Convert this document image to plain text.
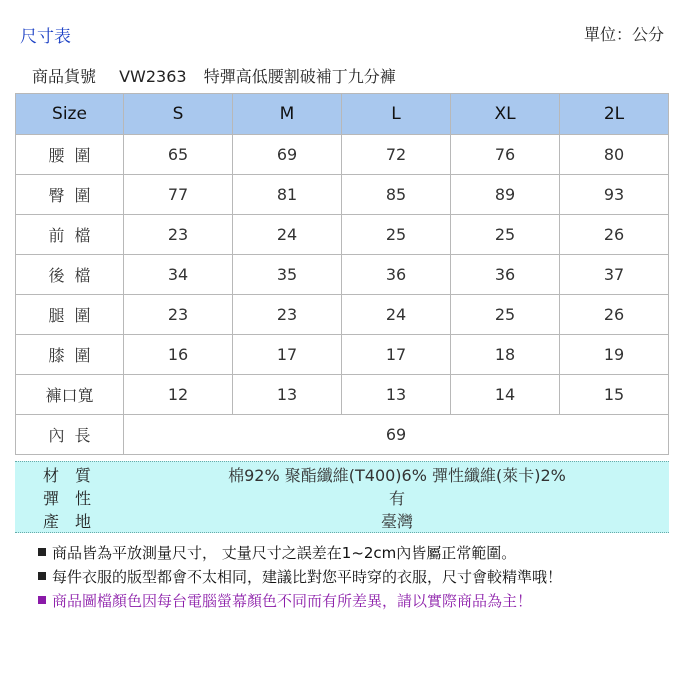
尺寸表	單位：公分
商品貨號 VW2363 特彈高低腰割破補丁九分褲
Size	S	M	L	XL	2L
腰圍	65	69	72	76	80
臀圍	77	81	85	89	93
前檔	23	24	25	25	26
後檔	34	35	36	36	37
腿圍	23	23	24	25	26
膝圍	16	17	17	18	19
褲口寬	12	13	13	14	15
內長	69				
材質	棉92% 聚酯纖維(T400)6% 彈性纖維(萊卡)2%
彈性	有
產地	臺灣
商品皆為平放測量尺寸， 丈量尺寸之誤差在1~2cm內皆屬正常範圍。
每件衣服的版型都會不太相同，建議比對您平時穿的衣服，尺寸會較精準哦！
商品圖檔顏色因每台電腦螢幕顏色不同而有所差異，請以實際商品為主！
